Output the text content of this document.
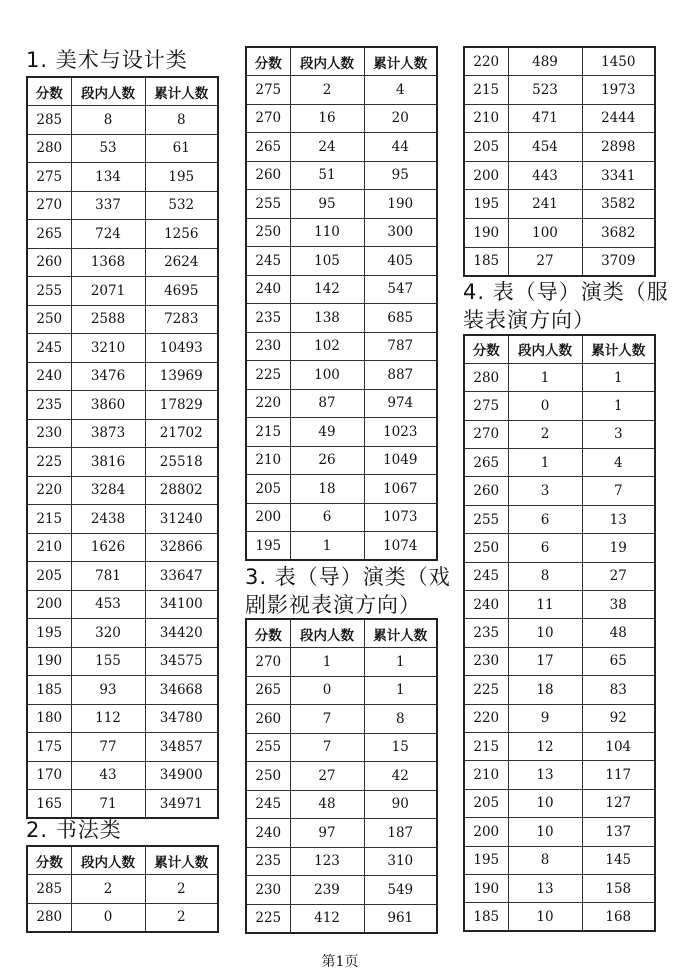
1. 美术与设计类
分数	段内人数	累计人数
285	8	8
280	53	61
275	134	195
270	337	532
265	724	1256
260	1368	2624
255	2071	4695
250	2588	7283
245	3210	10493
240	3476	13969
235	3860	17829
230	3873	21702
225	3816	25518
220	3284	28802
215	2438	31240
210	1626	32866
205	781	33647
200	453	34100
195	320	34420
190	155	34575
185	93	34668
180	112	34780
175	77	34857
170	43	34900
165	71	34971
2. 书法类
分数	段内人数	累计人数
285	2	2
280	0	2
分数	段内人数	累计人数
275	2	4
270	16	20
265	24	44
260	51	95
255	95	190
250	110	300
245	105	405
240	142	547
235	138	685
230	102	787
225	100	887
220	87	974
215	49	1023
210	26	1049
205	18	1067
200	6	1073
195	1	1074
3. 表（导）演类（戏
剧影视表演方向）
分数	段内人数	累计人数
270	1	1
265	0	1
260	7	8
255	7	15
250	27	42
245	48	90
240	97	187
235	123	310
230	239	549
225	412	961
220	489	1450
215	523	1973
210	471	2444
205	454	2898
200	443	3341
195	241	3582
190	100	3682
185	27	3709
4. 表（导）演类（服
装表演方向）
分数	段内人数	累计人数
280	1	1
275	0	1
270	2	3
265	1	4
260	3	7
255	6	13
250	6	19
245	8	27
240	11	38
235	10	48
230	17	65
225	18	83
220	9	92
215	12	104
210	13	117
205	10	127
200	10	137
195	8	145
190	13	158
185	10	168
第1页
